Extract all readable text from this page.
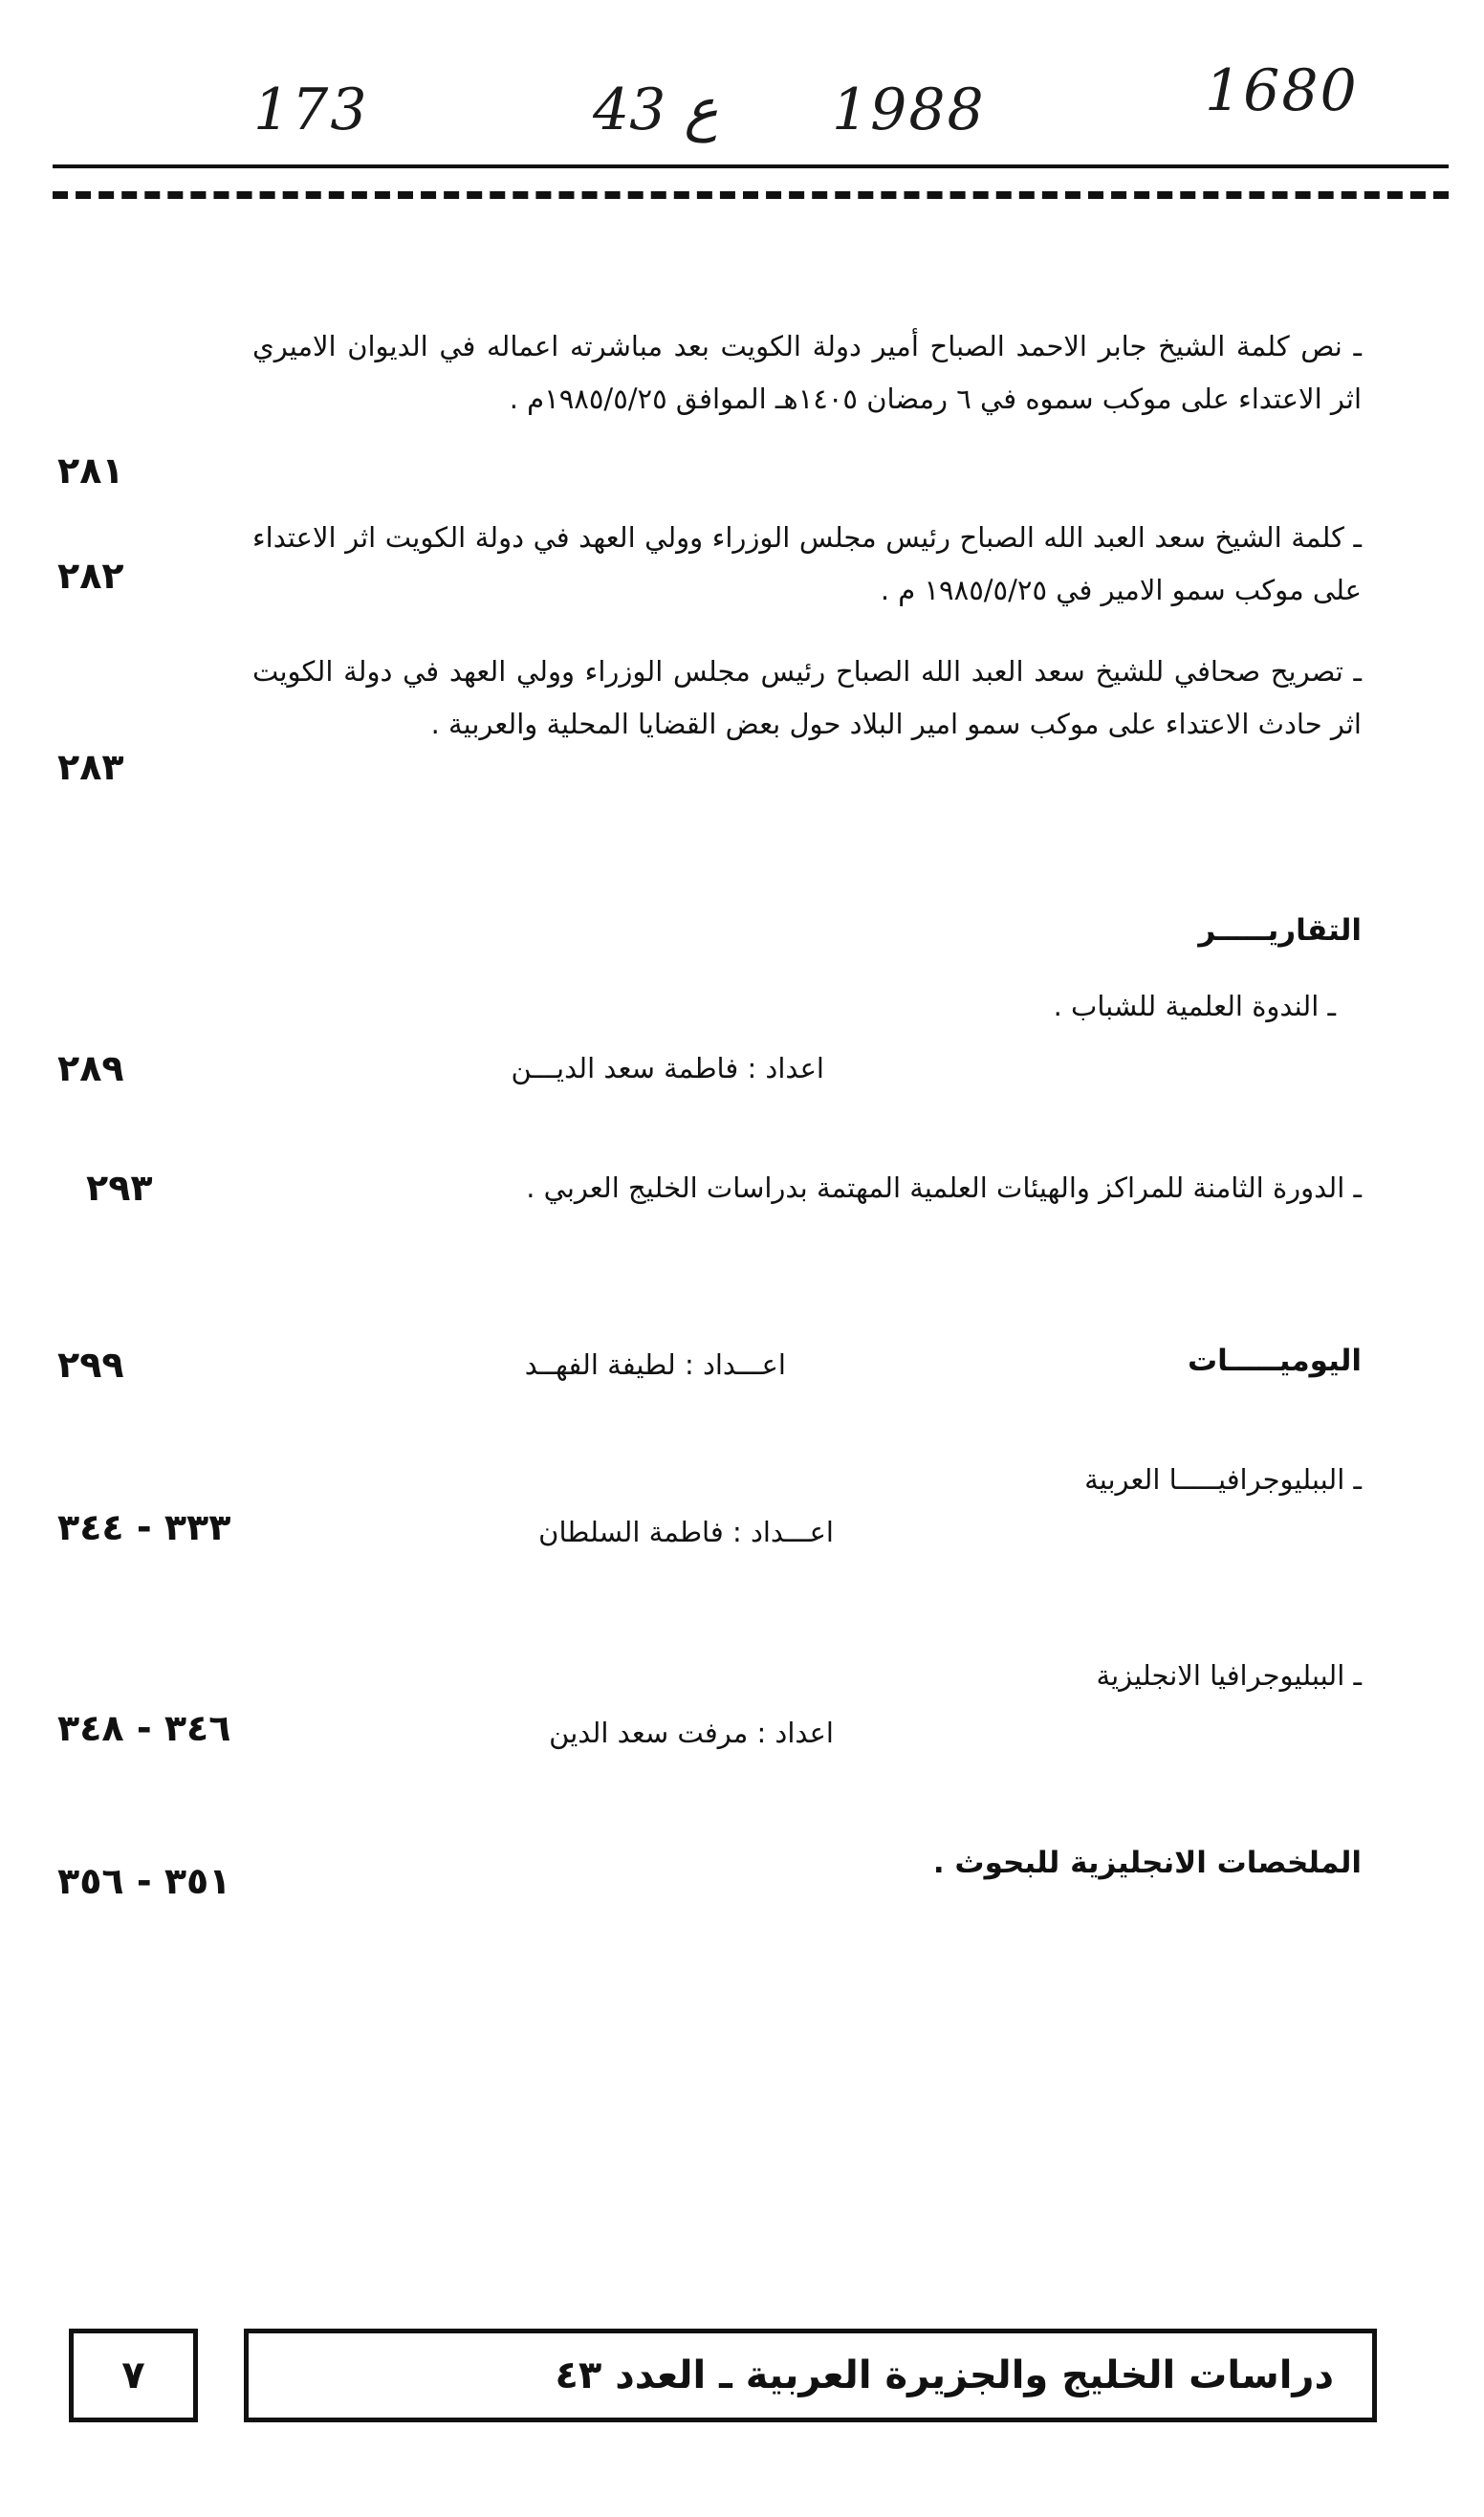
173	43 ع 1988	1680

ـ نص كلمة الشيخ جابر الاحمد الصباح أمير دولة الكويت بعد مباشرته اعماله في الديوان الاميري اثر الاعتداء على موكب سموه في ٦ رمضان ١٤٠٥هـ الموافق ١٩٨٥/٥/٢٥م .

٢٨١

ـ كلمة الشيخ سعد العبد الله الصباح رئيس مجلس الوزراء وولي العهد في دولة الكويت اثر الاعتداء على موكب سمو الامير في ١٩٨٥/٥/٢٥ م .

٢٨٢

ـ تصريح صحافي للشيخ سعد العبد الله الصباح رئيس مجلس الوزراء وولي العهد في دولة الكويت اثر حادث الاعتداء على موكب سمو امير البلاد حول بعض القضايا المحلية والعربية .

٢٨٣
التقاريـــــر
ـ الندوة العلمية للشباب .
اعداد : فاطمة سعد الديـــن
٢٨٩
ـ الدورة الثامنة للمراكز والهيئات العلمية المهتمة بدراسات الخليج العربي .
٢٩٣
اليوميـــــات
اعـــداد : لطيفة الفهــد
٢٩٩
ـ الببليوجرافيـــــا العربية
اعـــداد : فاطمة السلطان
٣٣٣ - ٣٤٤
ـ الببليوجرافيا الانجليزية
اعداد : مرفت سعد الدين
٣٤٦ - ٣٤٨
الملخصات الانجليزية للبحوث .
٣٥١ - ٣٥٦
٧	دراسات الخليج والجزيرة العربية ـ العدد ٤٣
